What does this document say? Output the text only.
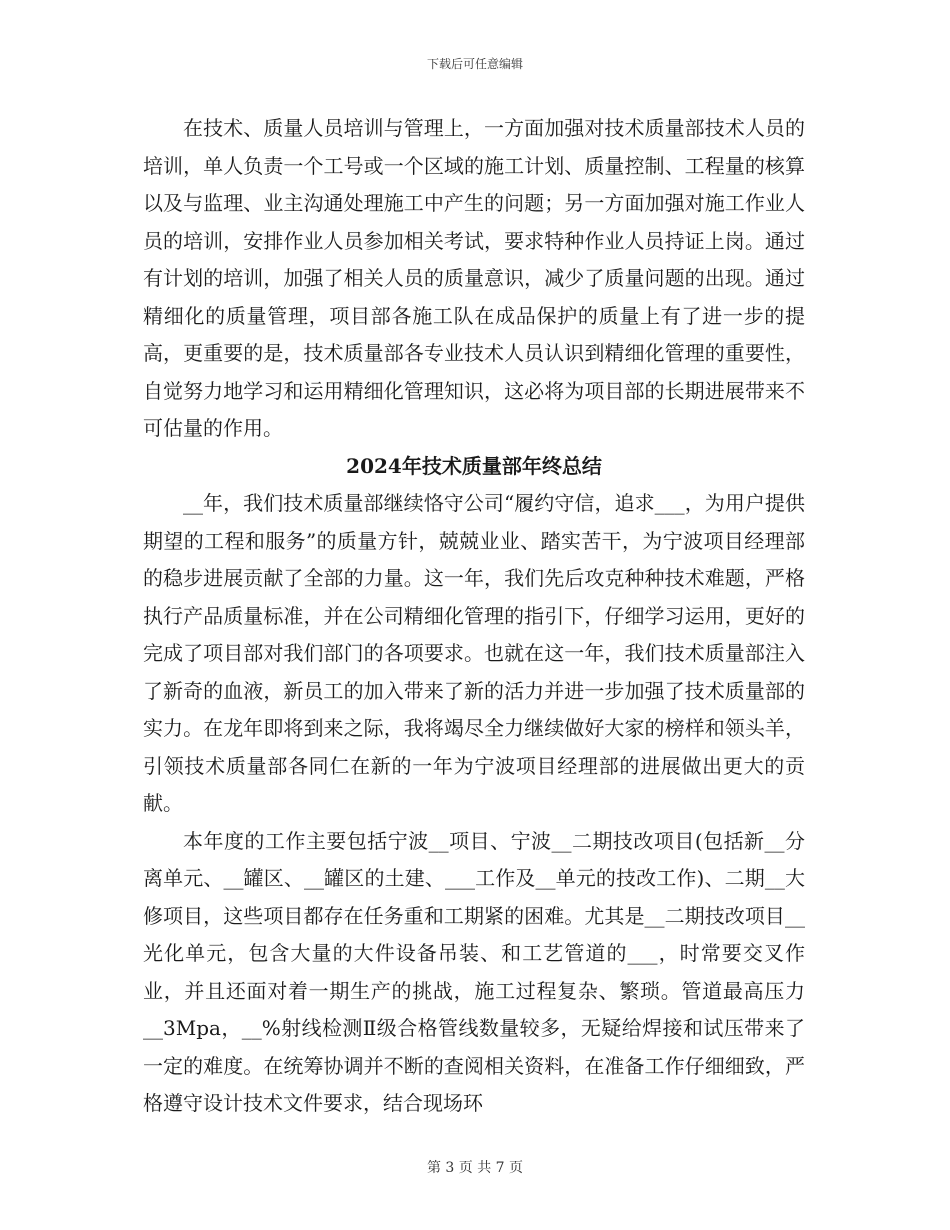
下载后可任意编辑

在技术、质量人员培训与管理上，一方面加强对技术质量部技术人员的培训，单人负责一个工号或一个区域的施工计划、质量控制、工程量的核算以及与监理、业主沟通处理施工中产生的问题；另一方面加强对施工作业人员的培训，安排作业人员参加相关考试，要求特种作业人员持证上岗。通过有计划的培训，加强了相关人员的质量意识，减少了质量问题的出现。通过精细化的质量管理，项目部各施工队在成品保护的质量上有了进一步的提高，更重要的是，技术质量部各专业技术人员认识到精细化管理的重要性，自觉努力地学习和运用精细化管理知识，这必将为项目部的长期进展带来不可估量的作用。

2024年技术质量部年终总结

__年，我们技术质量部继续恪守公司“履约守信，追求___，为用户提供期望的工程和服务”的质量方针，兢兢业业、踏实苦干，为宁波项目经理部的稳步进展贡献了全部的力量。这一年，我们先后攻克种种技术难题，严格执行产品质量标准，并在公司精细化管理的指引下，仔细学习运用，更好的完成了项目部对我们部门的各项要求。也就在这一年，我们技术质量部注入了新奇的血液，新员工的加入带来了新的活力并进一步加强了技术质量部的实力。在龙年即将到来之际，我将竭尽全力继续做好大家的榜样和领头羊，引领技术质量部各同仁在新的一年为宁波项目经理部的进展做出更大的贡献。

本年度的工作主要包括宁波__项目、宁波__二期技改项目(包括新__分离单元、__罐区、__罐区的土建、___工作及__单元的技改工作)、二期__大修项目，这些项目都存在任务重和工期紧的困难。尤其是__二期技改项目__光化单元，包含大量的大件设备吊装、和工艺管道的___，时常要交叉作业，并且还面对着一期生产的挑战，施工过程复杂、繁琐。管道最高压力__3Mpa，__%射线检测Ⅱ级合格管线数量较多，无疑给焊接和试压带来了一定的难度。在统筹协调并不断的查阅相关资料，在准备工作仔细细致，严格遵守设计技术文件要求，结合现场环

第 3 页 共 7 页
